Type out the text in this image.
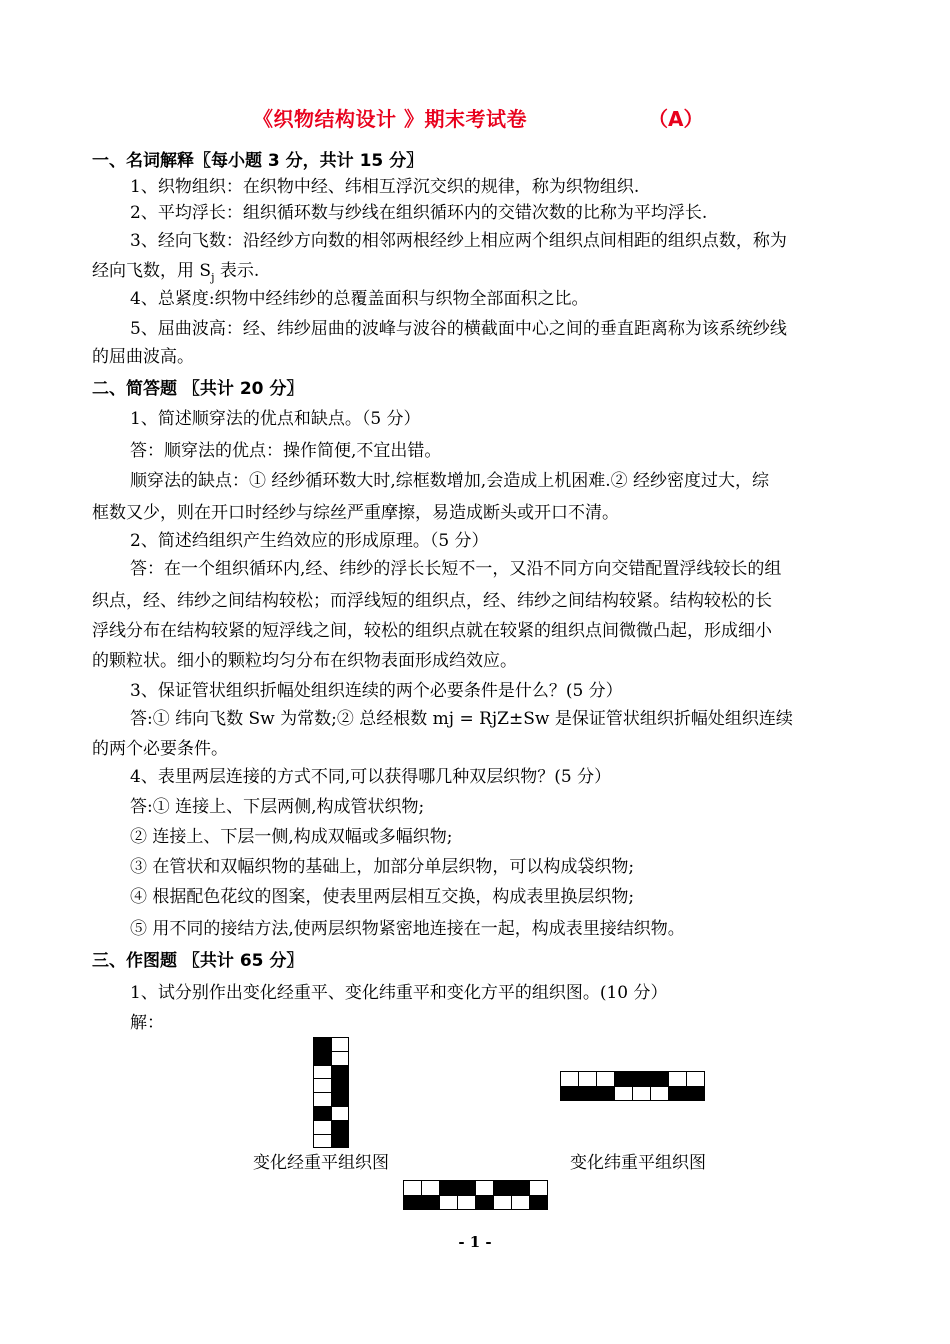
《织物结构设计 》期末考试卷	（A）
一、名词解释〖每小题 3 分，共计 15 分〗
1、织物组织：在织物中经、纬相互浮沉交织的规律，称为织物组织.
2、平均浮长：组织循环数与纱线在组织循环内的交错次数的比称为平均浮长.
3、经向飞数：沿经纱方向数的相邻两根经纱上相应两个组织点间相距的组织点数，称为
经向飞数，用 $S_j$ 表示.
4、总紧度:织物中经纬纱的总覆盖面积与织物全部面积之比。
5、屈曲波高：经、纬纱屈曲的波峰与波谷的横截面中心之间的垂直距离称为该系统纱线
的屈曲波高。
二、简答题 〖共计 20 分〗
1、简述顺穿法的优点和缺点。（5 分）
答：顺穿法的优点：操作简便,不宜出错。
顺穿法的缺点：① 经纱循环数大时,综框数增加,会造成上机困难.② 经纱密度过大，综
框数又少，则在开口时经纱与综丝严重摩擦，易造成断头或开口不清。
2、简述绉组织产生绉效应的形成原理。（5 分）
答：在一个组织循环内,经、纬纱的浮长长短不一，又沿不同方向交错配置浮线较长的组
织点，经、纬纱之间结构较松；而浮线短的组织点，经、纬纱之间结构较紧。结构较松的长
浮线分布在结构较紧的短浮线之间，较松的组织点就在较紧的组织点间微微凸起，形成细小
的颗粒状。细小的颗粒均匀分布在织物表面形成绉效应。
3、保证管状组织折幅处组织连续的两个必要条件是什么？(5 分）
答:① 纬向飞数 Sw 为常数;② 总经根数 mj = RjZ±Sw 是保证管状组织折幅处组织连续
的两个必要条件。
4、表里两层连接的方式不同,可以获得哪几种双层织物？(5 分）
答:① 连接上、下层两侧,构成管状织物;
② 连接上、下层一侧,构成双幅或多幅织物;
③ 在管状和双幅织物的基础上，加部分单层织物，可以构成袋织物;
④ 根据配色花纹的图案，使表里两层相互交换，构成表里换层织物;
⑤ 用不同的接结方法,使两层织物紧密地连接在一起，构成表里接结织物。
三、作图题 〖共计 65 分〗
1、试分别作出变化经重平、变化纬重平和变化方平的组织图。(10 分）
解：
变化经重平组织图	变化纬重平组织图
- 1 -
